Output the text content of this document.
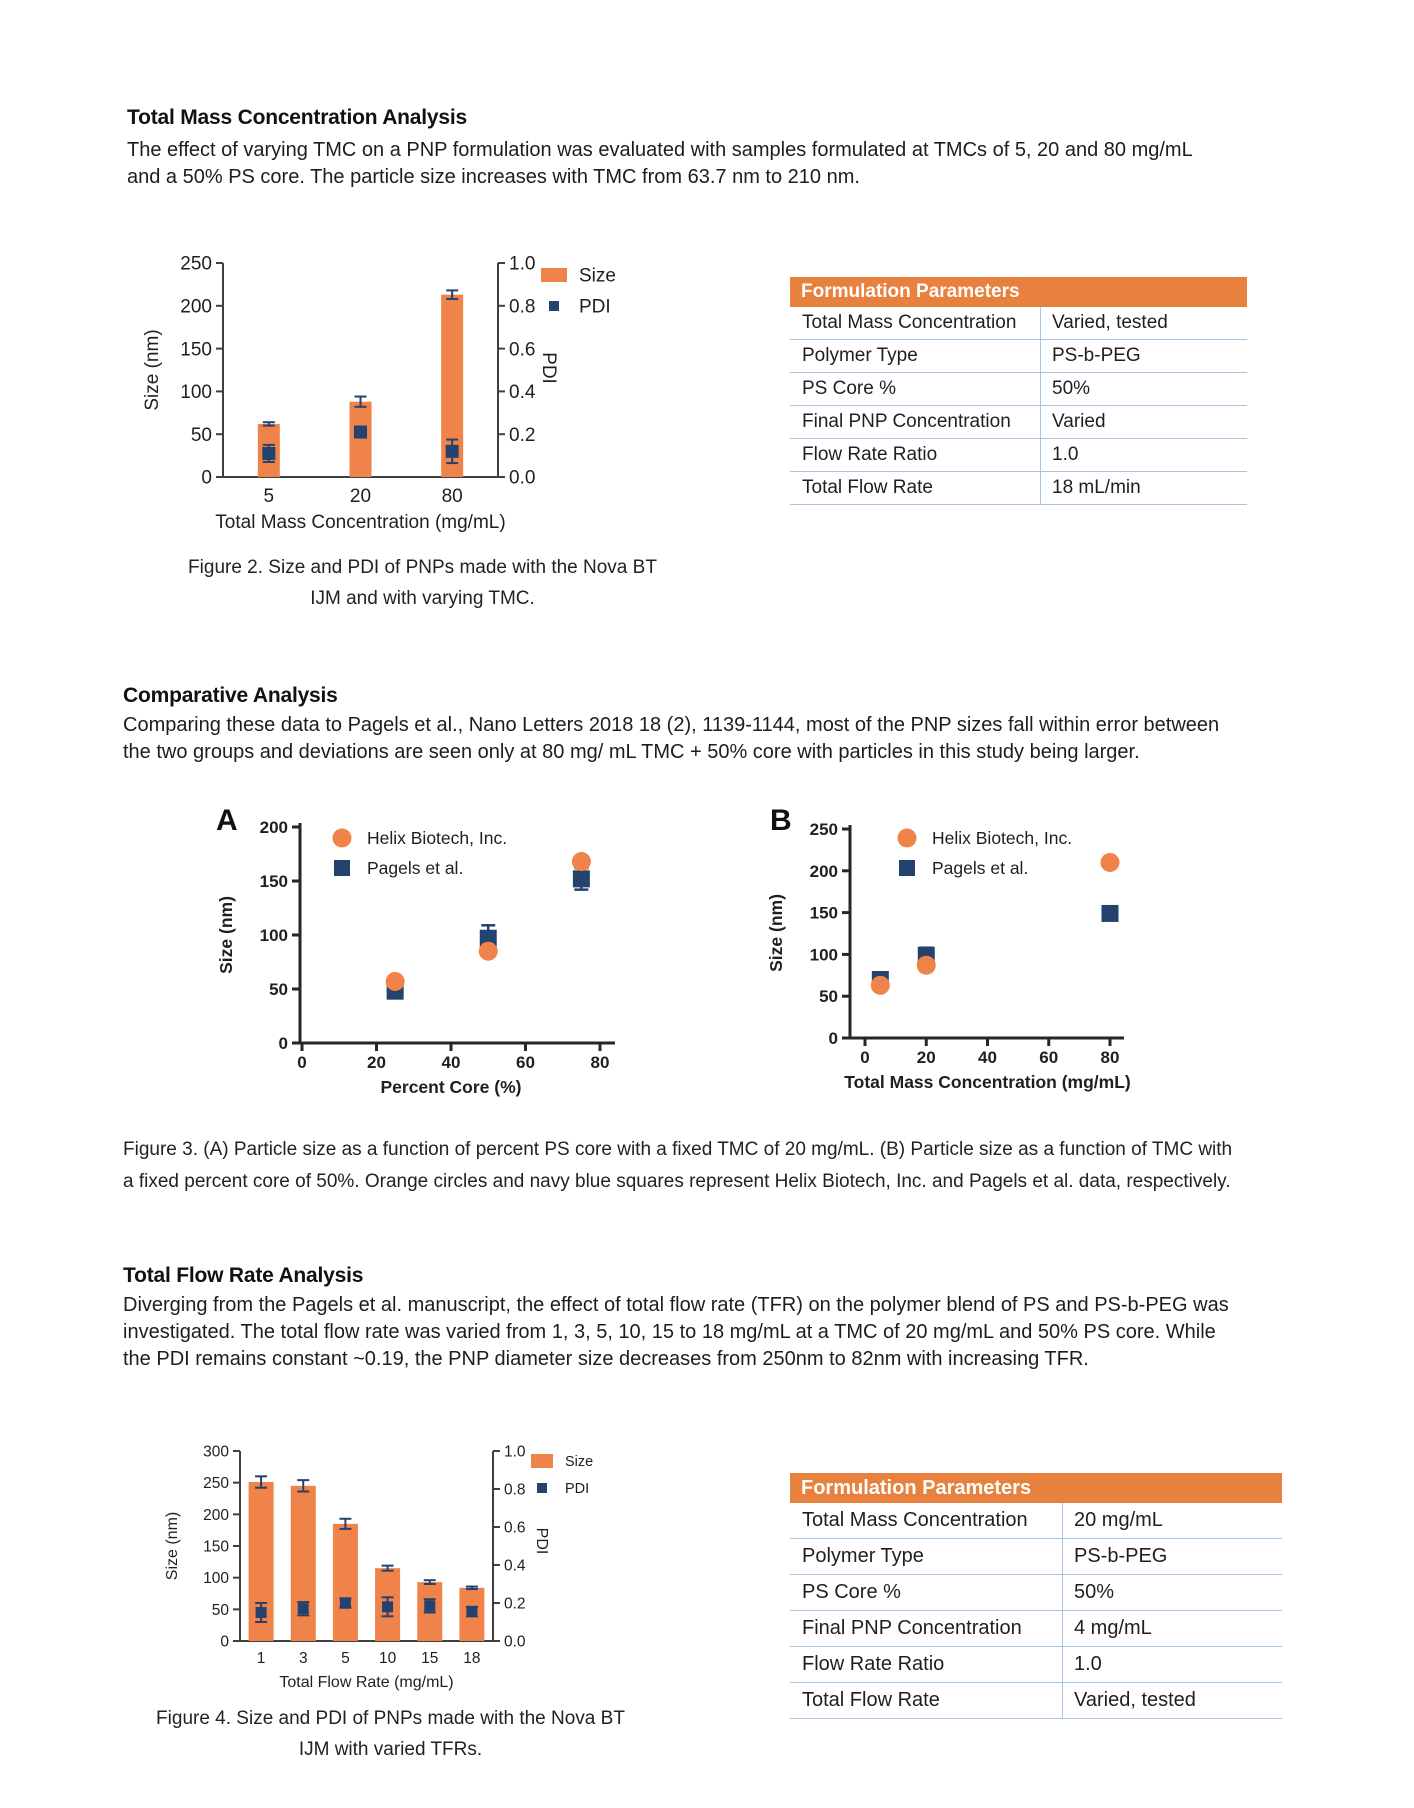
Total Mass Concentration Analysis
The effect of varying TMC on a PNP formulation was evaluated with samples formulated at TMCs of 5, 20 and 80 mg/mL
and a 50% PS core. The particle size increases with TMC from 63.7 nm to 210 nm.
0
50
100
150
200
250
0.0
0.2
0.4
0.6
0.8
1.0
5	20	80
Total Mass Concentration (mg/mL)
Size (nm)	PDI
Size
PDI
Formulation Parameters
Total Mass Concentration	Varied, tested
Polymer Type	PS-b-PEG
PS Core %	50%
Final PNP Concentration	Varied
Flow Rate Ratio	1.0
Total Flow Rate	18 mL/min
Figure 2. Size and PDI of PNPs made with the Nova BT
IJM and with varying TMC.
Comparative Analysis
Comparing these data to Pagels et al., Nano Letters 2018 18 (2), 1139-1144, most of the PNP sizes fall within error between
the two groups and deviations are seen only at 80 mg/ mL TMC + 50% core with particles in this study being larger.
A
0
50
100
150
200
0	20	40	60	80
Percent Core (%)
Size (nm)
Helix Biotech, Inc.
Pagels et al.
B
0
50
100
150
200
250
0	20 40 60 80
Total Mass Concentration (mg/mL)
Size (nm)
Helix Biotech, Inc.
Pagels et al.
Figure 3. (A) Particle size as a function of percent PS core with a fixed TMC of 20 mg/mL. (B) Particle size as a function of TMC with
a fixed percent core of 50%. Orange circles and navy blue squares represent Helix Biotech, Inc. and Pagels et al. data, respectively.
Total Flow Rate Analysis
Diverging from the Pagels et al. manuscript, the effect of total flow rate (TFR) on the polymer blend of PS and PS-b-PEG was
investigated. The total flow rate was varied from 1, 3, 5, 10, 15 to 18 mg/mL at a TMC of 20 mg/mL and 50% PS core. While
the PDI remains constant ~0.19, the PNP diameter size decreases from 250nm to 82nm with increasing TFR.
0
50
100
150
200
250
300
0.0
0.2
0.4
0.6
0.8
1.0
1 3 5 10 15 18
Total Flow Rate (mg/mL)
Size (nm)	PDI
Size
PDI	Formulation Parameters
Total Mass Concentration	20 mg/mL
Polymer Type	PS-b-PEG
PS Core %	50%
Final PNP Concentration	4 mg/mL
Flow Rate Ratio	1.0
Total Flow Rate	Varied, tested
Figure 4. Size and PDI of PNPs made with the Nova BT
IJM with varied TFRs.
